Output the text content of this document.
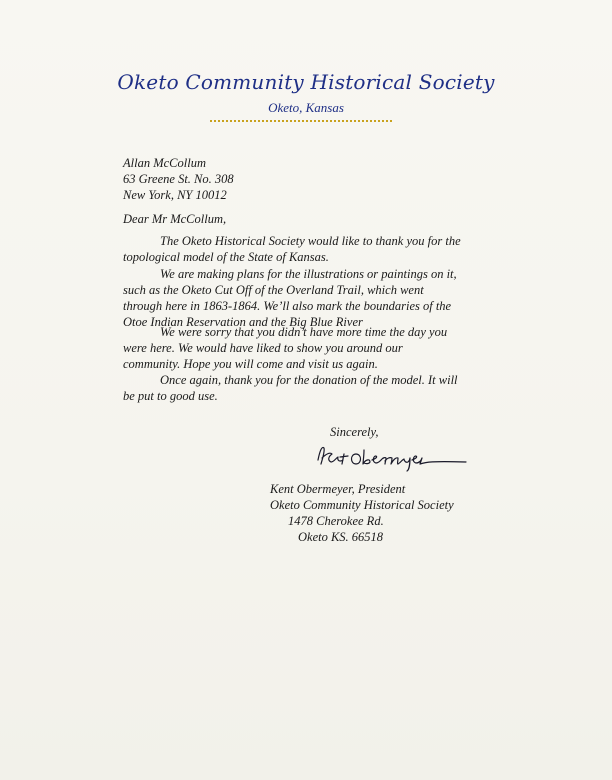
Oketo Community Historical Society
Oketo, Kansas
Allan McCollum
63 Greene St. No. 308
New York, NY 10012
Dear Mr McCollum,

The Oketo Historical Society would like to thank you for the topological model of the State of Kansas.

We are making plans for the illustrations or paintings on it, such as the Oketo Cut Off of the Overland Trail, which went through here in 1863-1864. We’ll also mark the boundaries of the Otoe Indian Reservation and the Big Blue River

We were sorry that you didn’t have more time the day you were here. We would have liked to show you around our community. Hope you will come and visit us again.

Once again, thank you for the donation of the model. It will be put to good use.

Sincerely,
Kent Obermeyer, President
Oketo Community Historical Society
1478 Cherokee Rd.
Oketo KS. 66518
